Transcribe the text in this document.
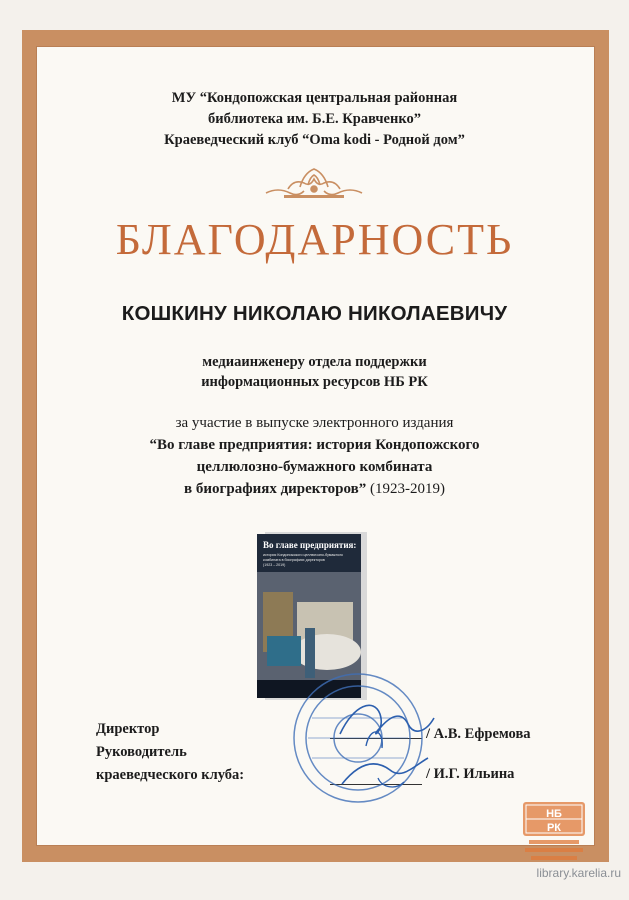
МУ “Кондопожская центральная районная
библиотека им. Б.Е. Кравченко”
Краеведческий клуб “Oma kodi - Родной дом”
БЛАГОДАРНОСТЬ
КОШКИНУ НИКОЛАЮ НИКОЛАЕВИЧУ
медиаинженеру отдела поддержки
информационных ресурсов НБ РК
за участие в выпуске электронного издания
“Во главе предприятия: история Кондопожского
целлюлозно-бумажного комбината
в биографиях директоров” (1923-2019)
Во главе предприятия:
история Кондопожского целлюлозно-бумажного
комбината в биографиях директоров
(1923 – 2019)
Директор
Руководитель
краеведческого клуба:
/ А.В. Ефремова
/ И.Г. Ильина
НБ
РК
library.karelia.ru
